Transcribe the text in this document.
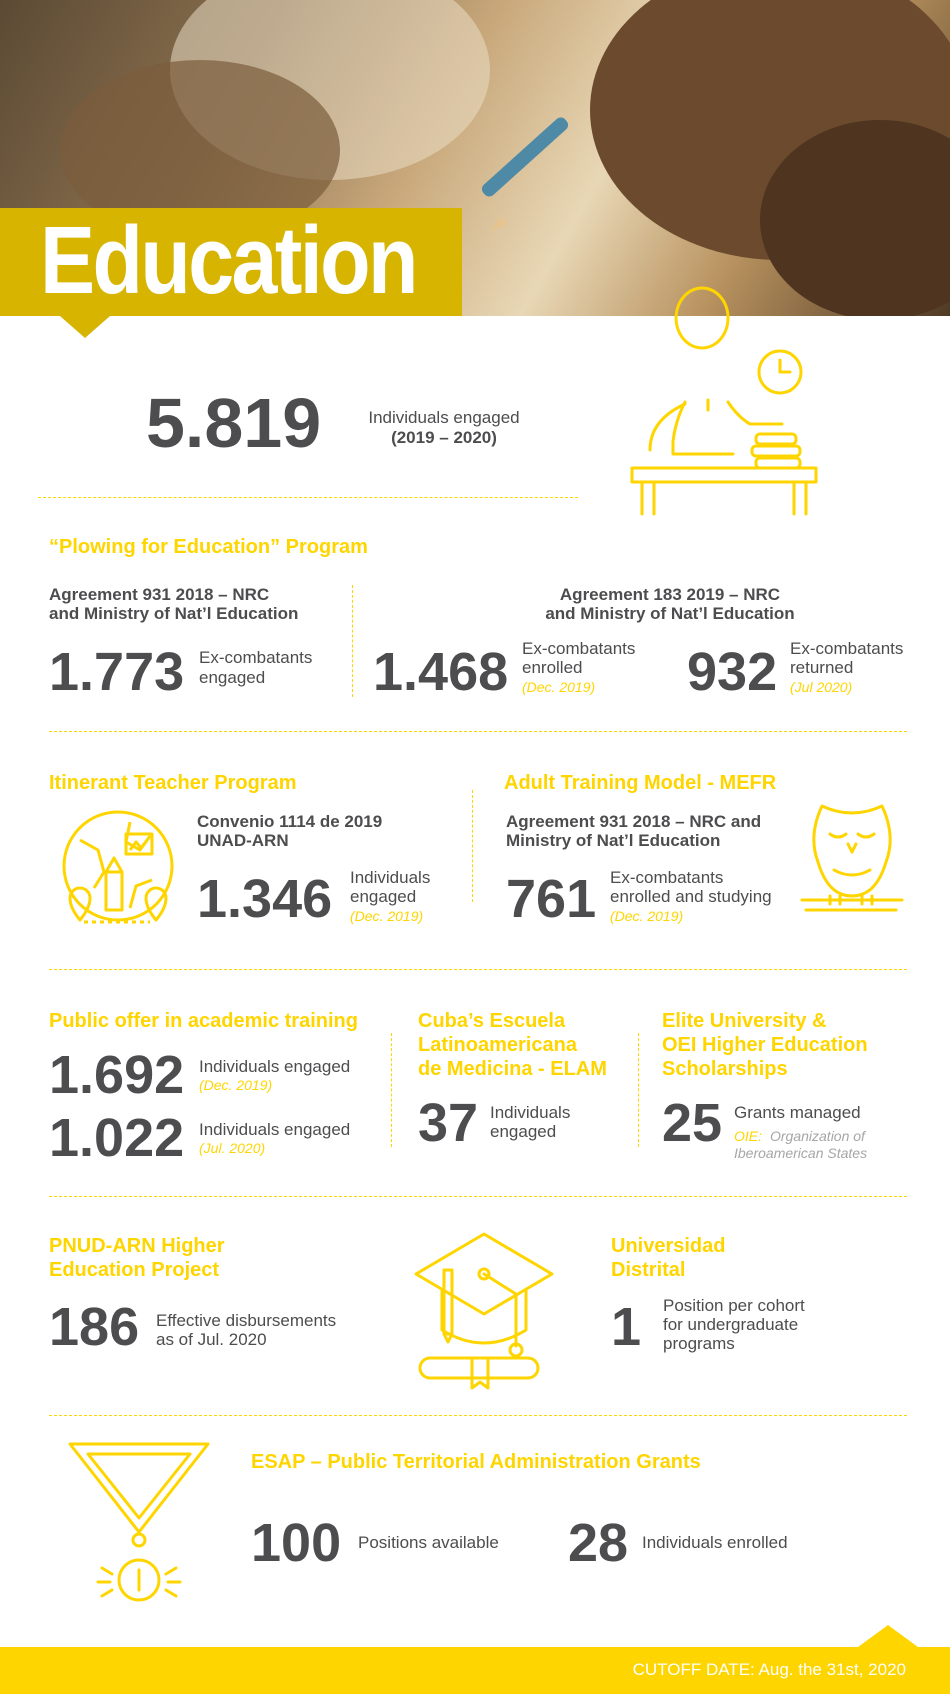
Education
5.819	Individuals engaged
(2019 – 2020)
“Plowing for Education” Program
Agreement 931 2018 – NRC
and Ministry of Nat’l Education
1.773 Ex-combatants
engaged
Agreement 183 2019 – NRC
and Ministry of Nat’l Education
1.468 Ex-combatants
enrolled
(Dec. 2019) 932 Ex-combatants
returned
(Jul 2020)
Itinerant Teacher Program
Convenio 1114 de 2019
UNAD-ARN
1.346 Individuals
engaged
(Dec. 2019)
Adult Training Model - MEFR
Agreement 931 2018 – NRC and
Ministry of Nat’l Education
761 Ex-combatants
enrolled and studying
(Dec. 2019)
Public offer in academic training
1.692 Individuals engaged
(Dec. 2019)
1.022 Individuals engaged
(Jul. 2020)
Cuba’s Escuela
Latinoamericana
de Medicina - ELAM
37 Individuals
engaged
Elite University &
OEI Higher Education
Scholarships
25 Grants managed
OIE: Organization of
Iberoamerican States
PNUD-ARN Higher
Education Project
186 Effective disbursements
as of Jul. 2020
Universidad
Distrital
1 Position per cohort
for undergraduate
programs
ESAP – Public Territorial Administration Grants
100 Positions available 28 Individuals enrolled
CUTOFF DATE: Aug. the 31st, 2020
